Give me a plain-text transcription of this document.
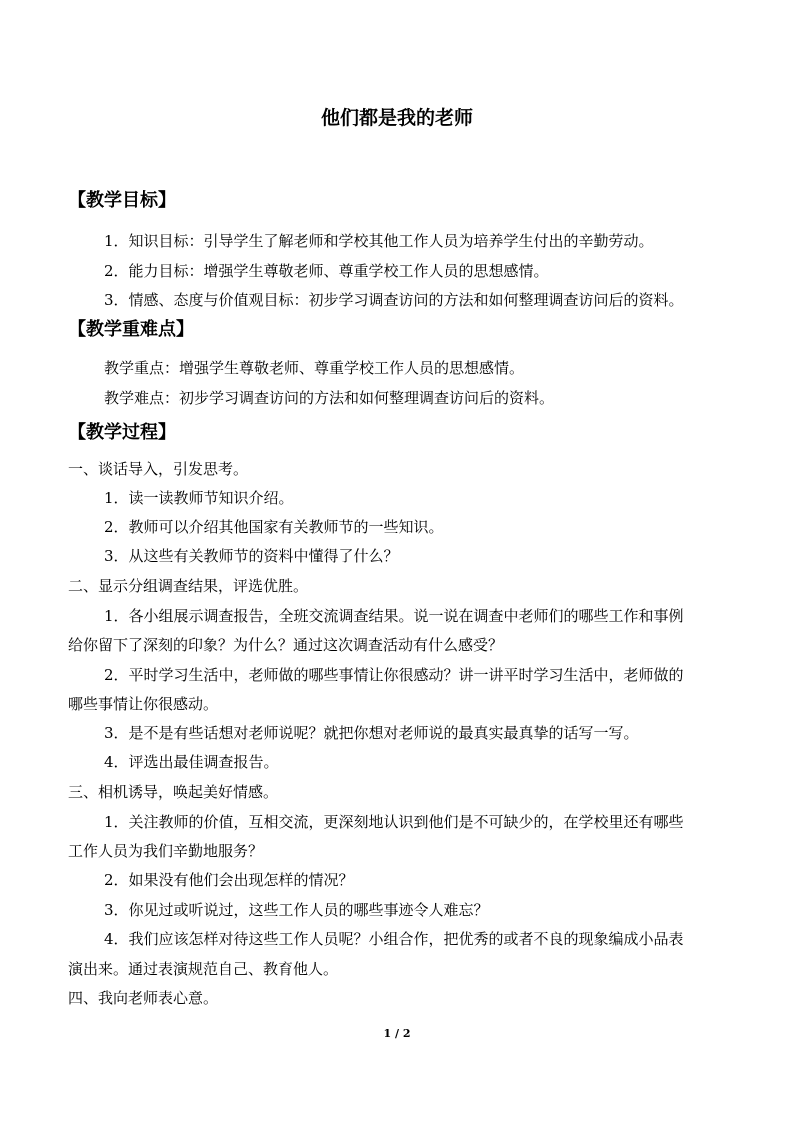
他们都是我的老师
【教学目标】

1．知识目标：引导学生了解老师和学校其他工作人员为培养学生付出的辛勤劳动。

2．能力目标：增强学生尊敬老师、尊重学校工作人员的思想感情。

3．情感、态度与价值观目标：初步学习调查访问的方法和如何整理调查访问后的资料。

【教学重难点】

教学重点：增强学生尊敬老师、尊重学校工作人员的思想感情。

教学难点：初步学习调查访问的方法和如何整理调查访问后的资料。

【教学过程】

一、谈话导入，引发思考。

1．读一读教师节知识介绍。

2．教师可以介绍其他国家有关教师节的一些知识。

3．从这些有关教师节的资料中懂得了什么？

二、显示分组调查结果，评选优胜。

1．各小组展示调查报告，全班交流调查结果。说一说在调查中老师们的哪些工作和事例

给你留下了深刻的印象？为什么？通过这次调查活动有什么感受？

2．平时学习生活中，老师做的哪些事情让你很感动？讲一讲平时学习生活中，老师做的

哪些事情让你很感动。

3．是不是有些话想对老师说呢？就把你想对老师说的最真实最真挚的话写一写。

4．评选出最佳调查报告。

三、相机诱导，唤起美好情感。

1．关注教师的价值，互相交流，更深刻地认识到他们是不可缺少的，在学校里还有哪些

工作人员为我们辛勤地服务？

2．如果没有他们会出现怎样的情况？

3．你见过或听说过，这些工作人员的哪些事迹令人难忘？

4．我们应该怎样对待这些工作人员呢？小组合作，把优秀的或者不良的现象编成小品表

演出来。通过表演规范自己、教育他人。

四、我向老师表心意。

1 / 2
